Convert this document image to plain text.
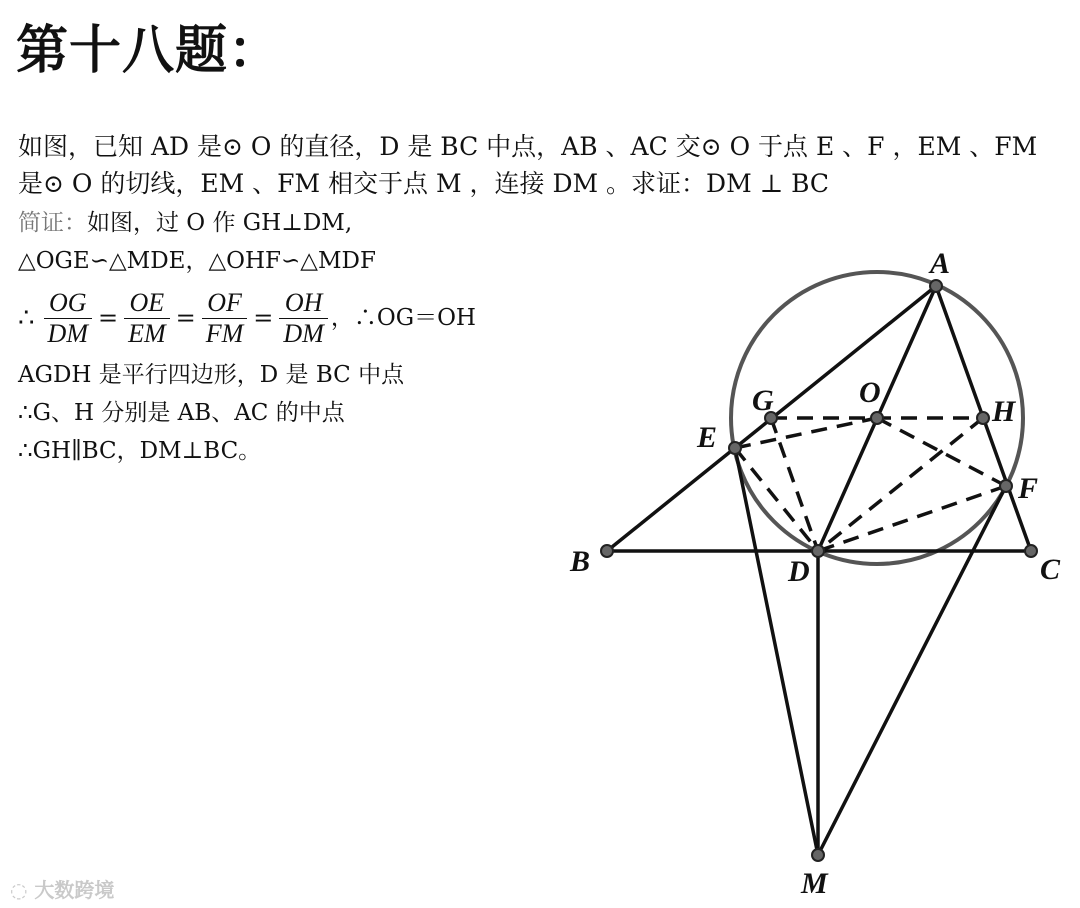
第十八题：
如图，已知 AD 是⊙ O 的直径，D 是 BC 中点，AB 、AC 交⊙ O 于点 E 、F ，EM 、FM
是⊙ O 的切线，EM 、FM 相交于点 M ，连接 DM 。求证：DM ⊥ BC
简证：如图，过 O 作 GH⊥DM,
△OGE∽△MDE，△OHF∽△MDF
∴ $\frac{OG}{DM} = \frac{OE}{EM} = \frac{OF}{FM} = \frac{OH}{DM}$ ，∴OG＝OH
AGDH 是平行四边形，D 是 BC 中点
∴G、H 分别是 AB、AC 的中点
∴GH∥BC，DM⊥BC。
A
B	C
D
E
F
G	H
O
M
◌ 大数跨境
